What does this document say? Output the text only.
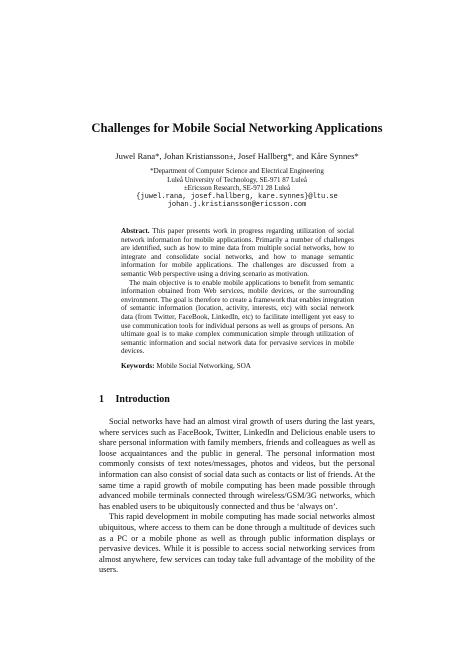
Challenges for Mobile Social Networking Applications
Juwel Rana*, Johan Kristiansson±, Josef Hallberg*, and Kåre Synnes*
*Department of Computer Science and Electrical Engineering
Luleå University of Technology, SE-971 87 Luleå
±Ericsson Research, SE-971 28 Luleå
{juwel.rana, josef.hallberg, kare.synnes}@ltu.se
johan.j.kristiansson@ericsson.com

Abstract. This paper presents work in progress regarding utilization of social network information for mobile applications. Primarily a number of challenges are identified, such as how to mine data from multiple social networks, how to integrate and consolidate social networks, and how to manage semantic information for mobile applications. The challenges are discussed from a semantic Web perspective using a driving scenario as motivation.

The main objective is to enable mobile applications to benefit from semantic information obtained from Web services, mobile devices, or the surrounding environment. The goal is therefore to create a framework that enables integration of semantic information (location, activity, interests, etc) with social network data (from Twitter, FaceBook, LinkedIn, etc) to facilitate intelligent yet easy to use communication tools for individual persons as well as groups of persons. An ultimate goal is to make complex communication simple through utilization of semantic information and social network data for pervasive services in mobile devices.

Keywords: Mobile Social Networking, SOA
1 Introduction

Social networks have had an almost viral growth of users during the last years, where services such as FaceBook, Twitter, LinkedIn and Delicious enable users to share personal information with family members, friends and colleagues as well as loose acquaintances and the public in general. The personal information most commonly consists of text notes/messages, photos and videos, but the personal information can also consist of social data such as contacts or list of friends. At the same time a rapid growth of mobile computing has been made possible through advanced mobile terminals connected through wireless/GSM/3G networks, which has enabled users to be ubiquitously connected and thus be ‘always on’.

This rapid development in mobile computing has made social networks almost ubiquitous, where access to them can be done through a multitude of devices such as a PC or a mobile phone as well as through public information displays or pervasive devices. While it is possible to access social networking services from almost anywhere, few services can today take full advantage of the mobility of the users.
